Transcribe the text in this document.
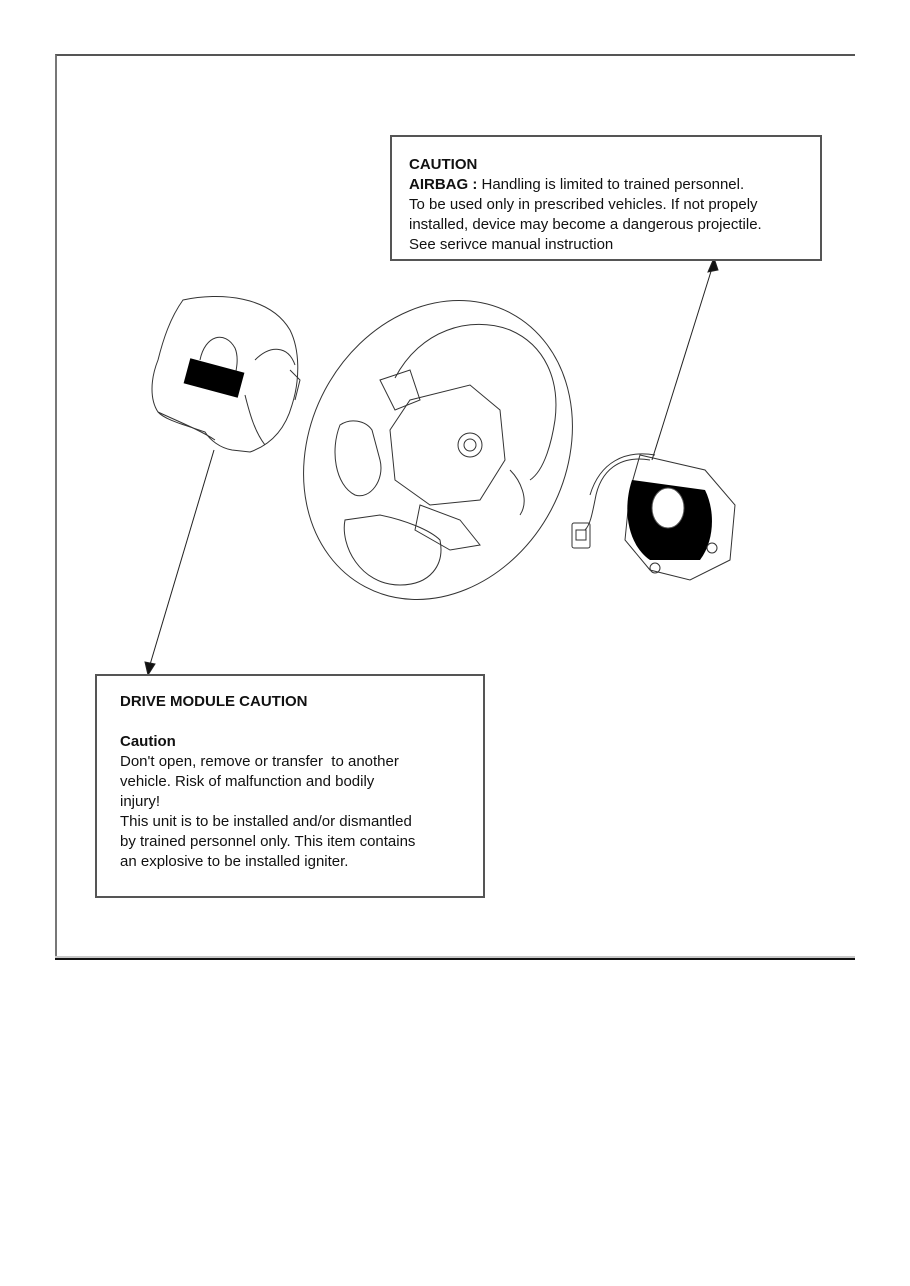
CAUTION
AIRBAG : Handling is limited to trained personnel.
To be used only in prescribed vehicles. If not propely
installed, device may become a dangerous projectile.
See serivce manual instruction
DRIVE MODULE CAUTION
Caution
Don't open, remove or transfer  to another
vehicle. Risk of malfunction and bodily
injury!
This unit is to be installed and/or dismantled
by trained personnel only. This item contains
an explosive to be installed igniter.
